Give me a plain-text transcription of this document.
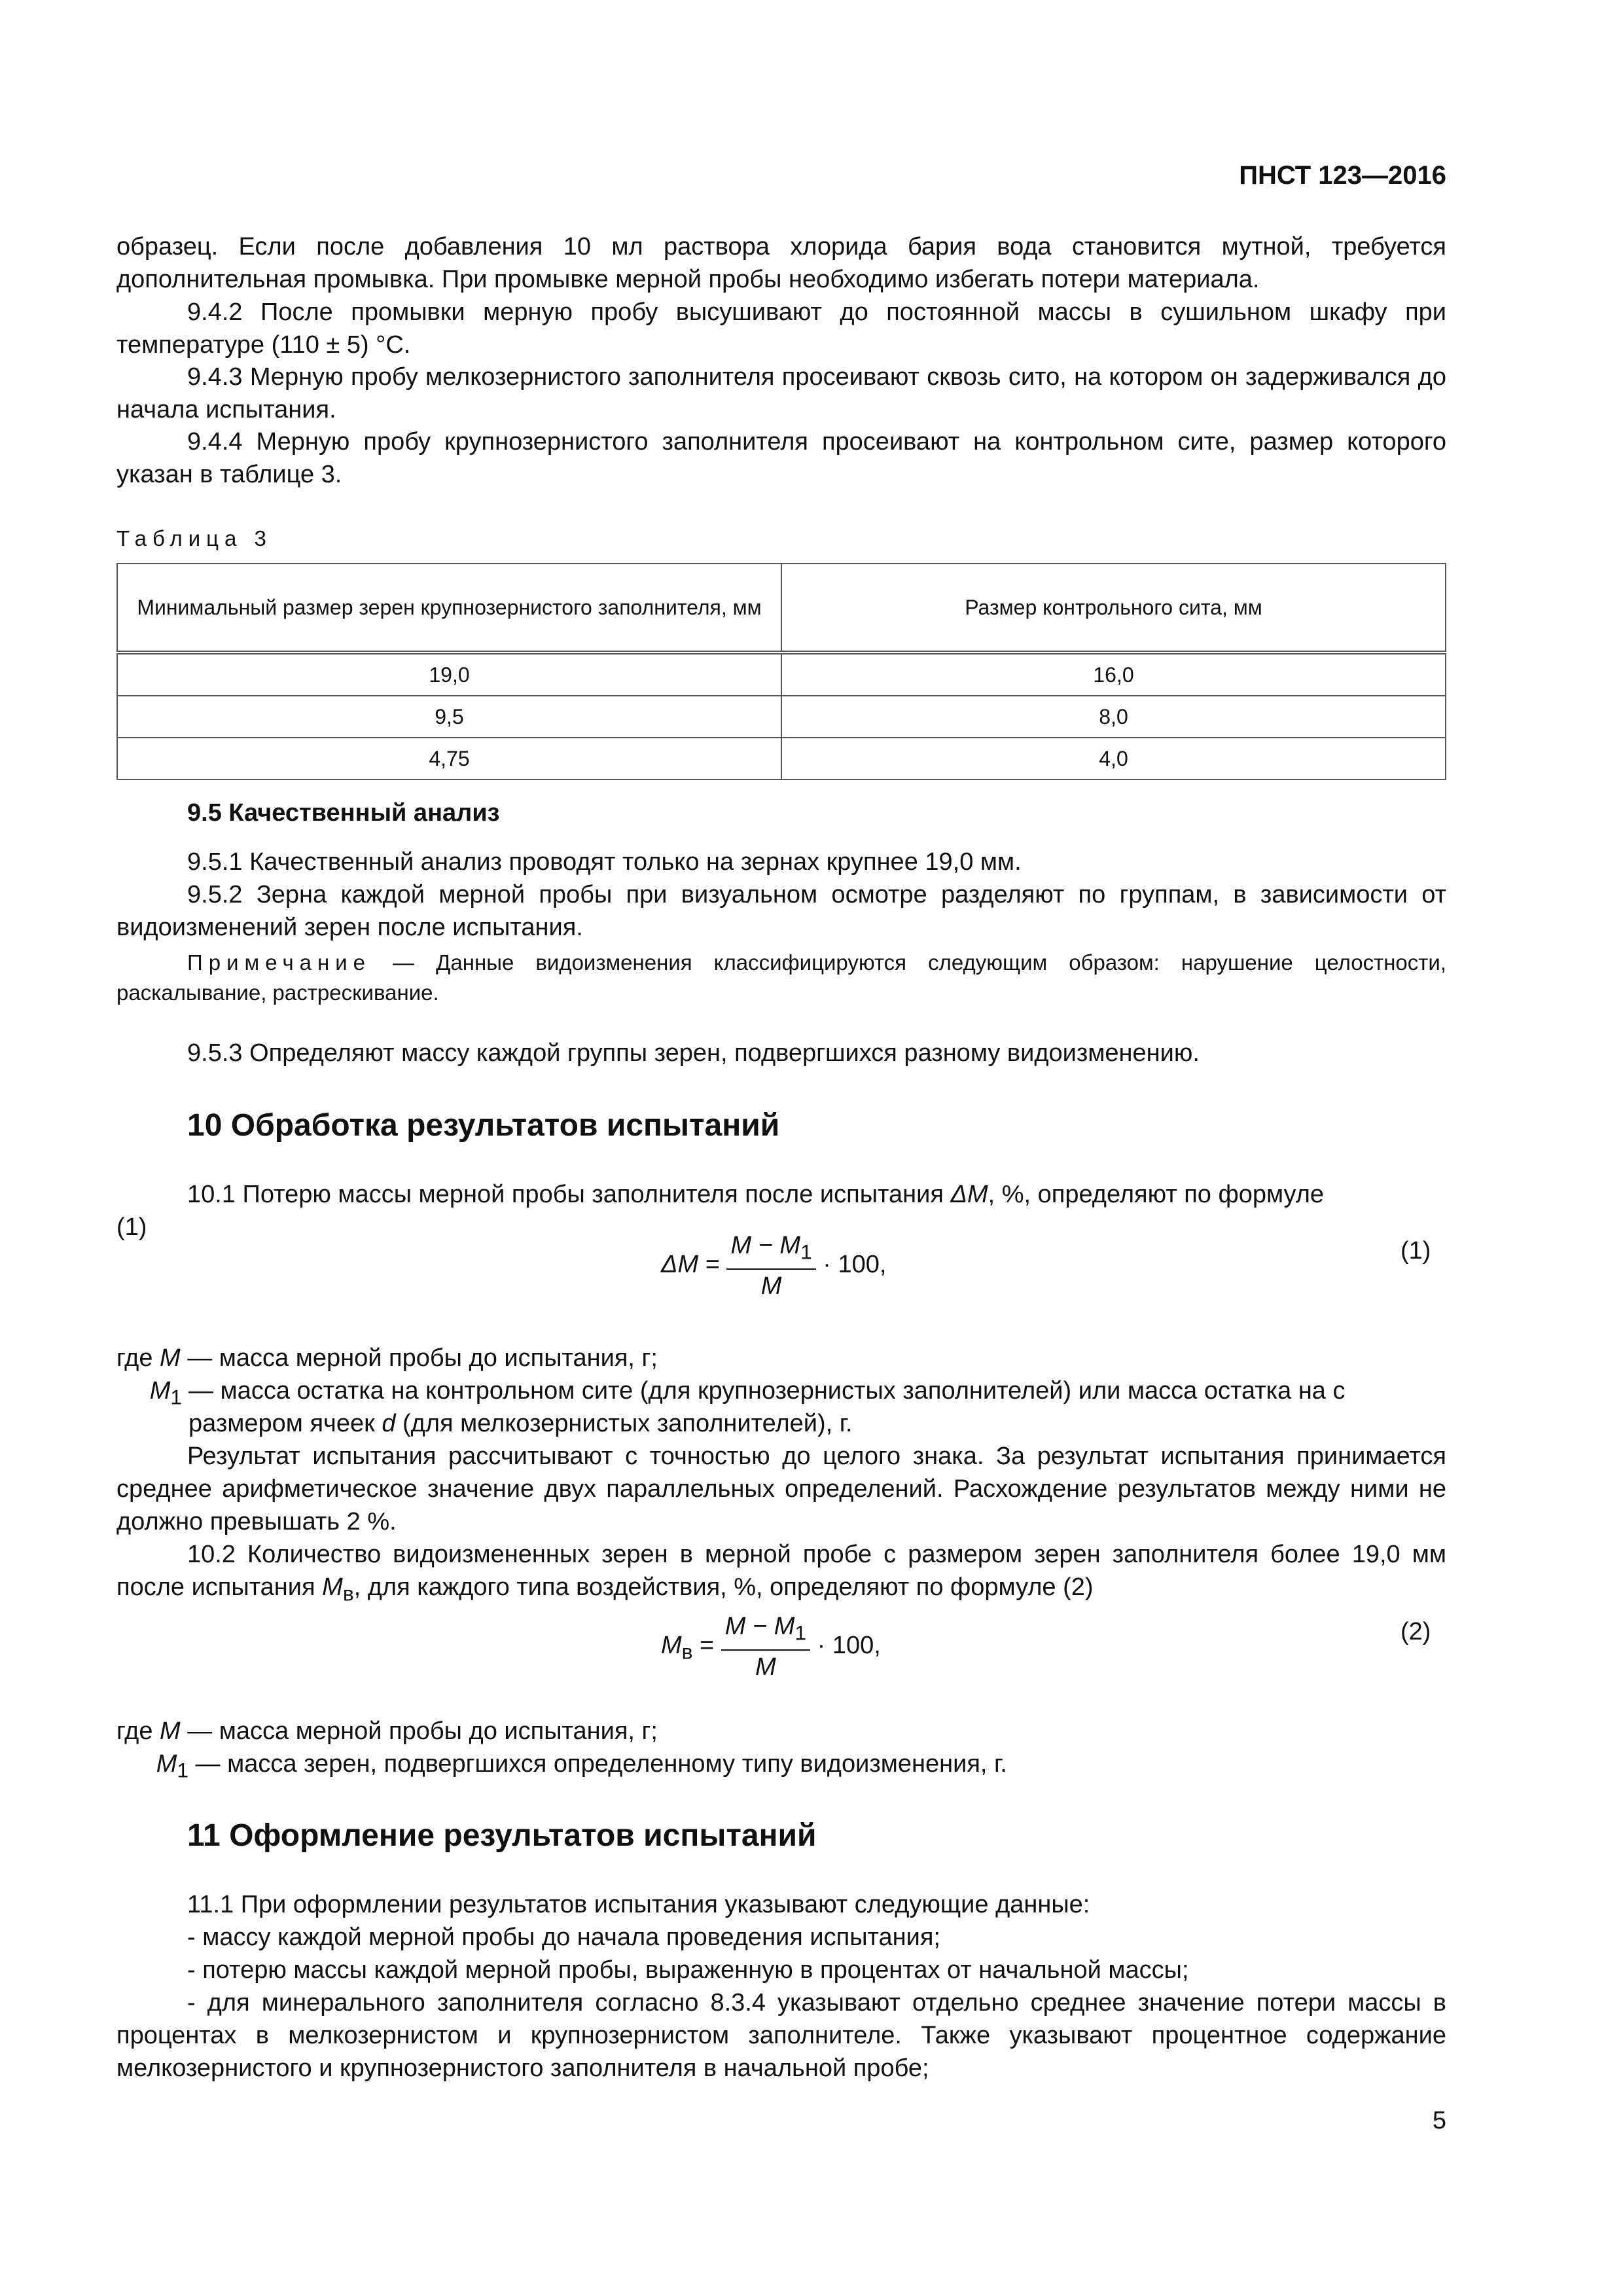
ПНСТ 123—2016
образец. Если после добавления 10 мл раствора хлорида бария вода становится мутной, требуется дополнительная промывка. При промывке мерной пробы необходимо избегать потери материала.
9.4.2 После промывки мерную пробу высушивают до постоянной массы в сушильном шкафу при температуре (110 ± 5) °С.
9.4.3 Мерную пробу мелкозернистого заполнителя просеивают сквозь сито, на котором он задерживался до начала испытания.
9.4.4 Мерную пробу крупнозернистого заполнителя просеивают на контрольном сите, размер которого указан в таблице 3.
Таблица 3
Минимальный размер зерен крупнозернистого заполнителя, мм	Размер контрольного сита, мм
19,0	16,0
9,5	8,0
4,75	4,0
9.5 Качественный анализ
9.5.1 Качественный анализ проводят только на зернах крупнее 19,0 мм.
9.5.2 Зерна каждой мерной пробы при визуальном осмотре разделяют по группам, в зависимости от видоизменений зерен после испытания.
Примечание — Данные видоизменения классифицируются следующим образом: нарушение целостности, раскалывание, растрескивание.
9.5.3 Определяют массу каждой группы зерен, подвергшихся разному видоизменению.
10 Обработка результатов испытаний
10.1 Потерю массы мерной пробы заполнителя после испытания ΔM, %, определяют по формуле
(1)
$\Delta M = \frac{M - M_1}{M} \cdot 100$,	(1)
где M — масса мерной пробы до испытания, г;
$M_1$ — масса остатка на контрольном сите (для крупнозернистых заполнителей) или масса остатка на с размером ячеек d (для мелкозернистых заполнителей), г.
Результат испытания рассчитывают с точностью до целого знака. За результат испытания принимается среднее арифметическое значение двух параллельных определений. Расхождение результатов между ними не должно превышать 2 %.
10.2 Количество видоизмененных зерен в мерной пробе с размером зерен заполнителя более 19,0 мм после испытания $M_в$, для каждого типа воздействия, %, определяют по формуле (2)
$M_в = \frac{M - M_1}{M} \cdot 100$,	(2)
где M — масса мерной пробы до испытания, г;
$M_1$ — масса зерен, подвергшихся определенному типу видоизменения, г.
11 Оформление результатов испытаний
11.1 При оформлении результатов испытания указывают следующие данные:
- массу каждой мерной пробы до начала проведения испытания;
- потерю массы каждой мерной пробы, выраженную в процентах от начальной массы;
- для минерального заполнителя согласно 8.3.4 указывают отдельно среднее значение потери массы в процентах в мелкозернистом и крупнозернистом заполнителе. Также указывают процентное содержание мелкозернистого и крупнозернистого заполнителя в начальной пробе;
5
